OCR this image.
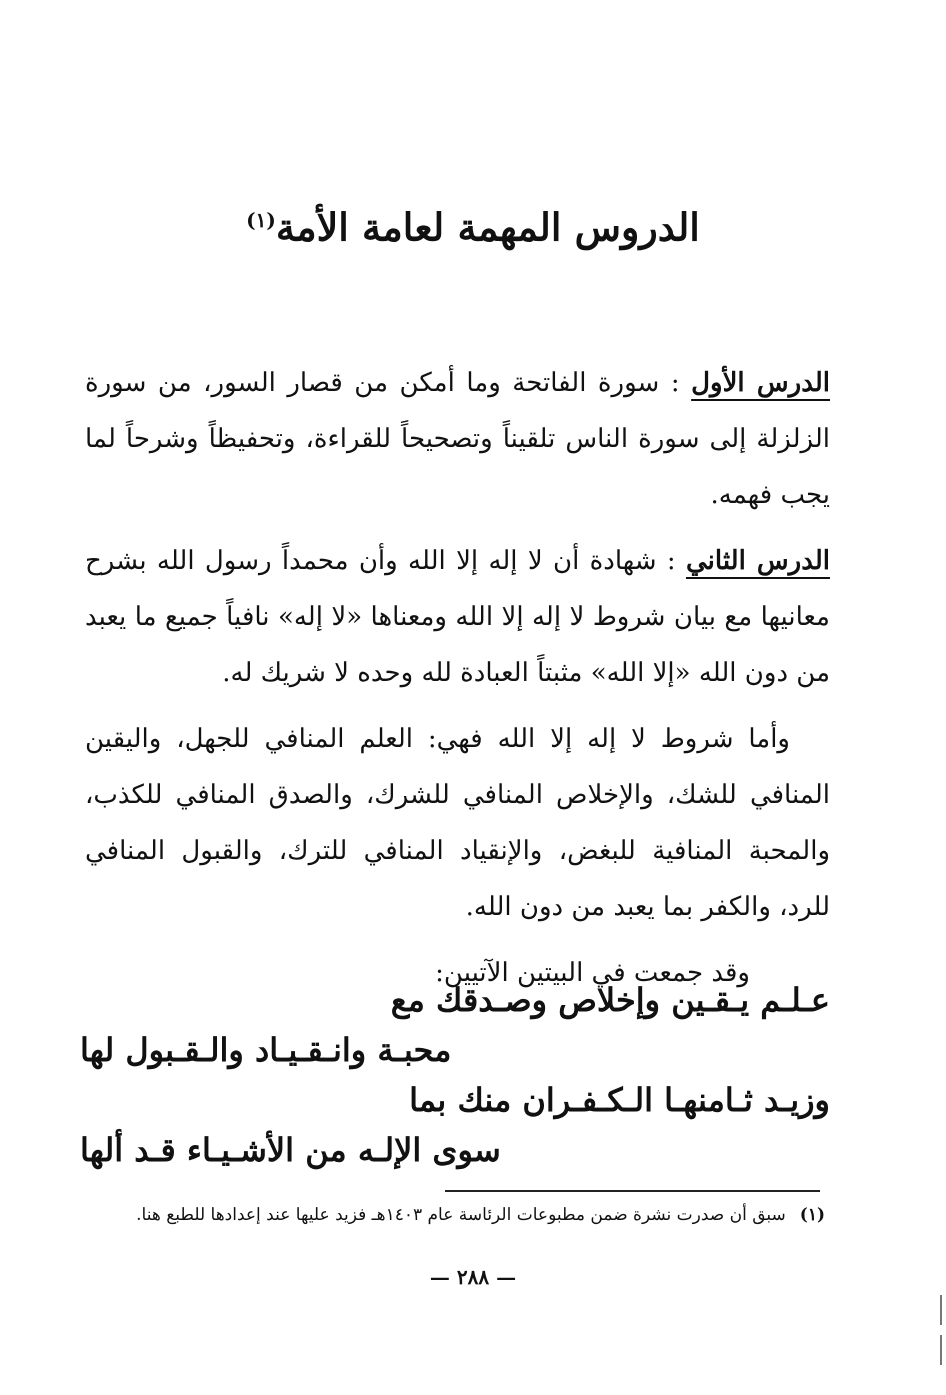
الدروس المهمة لعامة الأمة$^{(١)}$

الدرس الأول : سورة الفاتحة وما أمكن من قصار السور، من سورة الزلزلة إلى سورة الناس تلقيناً وتصحيحاً للقراءة، وتحفيظاً وشرحاً لما يجب فهمه.

الدرس الثاني : شهادة أن لا إله إلا الله وأن محمداً رسول الله بشرح معانيها مع بيان شروط لا إله إلا الله ومعناها «لا إله» نافياً جميع ما يعبد من دون الله «إلا الله» مثبتاً العبادة لله وحده لا شريك له.

وأما شروط لا إله إلا الله فهي: العلم المنافي للجهل، واليقين المنافي للشك، والإخلاص المنافي للشرك، والصدق المنافي للكذب، والمحبة المنافية للبغض، والإنقياد المنافي للترك، والقبول المنافي للرد، والكفر بما يعبد من دون الله.

وقد جمعت في البيتين الآتيين:

عـلـم يـقـين وإخلاص وصـدقك مع
محبـة وانـقـيـاد والـقـبول لها
وزيـد ثـامنهـا الـكـفـران منك بما
سوى الإلـه من الأشـيـاء قـد ألها
(١)سبق أن صدرت نشرة ضمن مطبوعات الرئاسة عام ١٤٠٣هـ فزيد عليها عند إعدادها للطبع هنا.
— ٢٨٨ —
